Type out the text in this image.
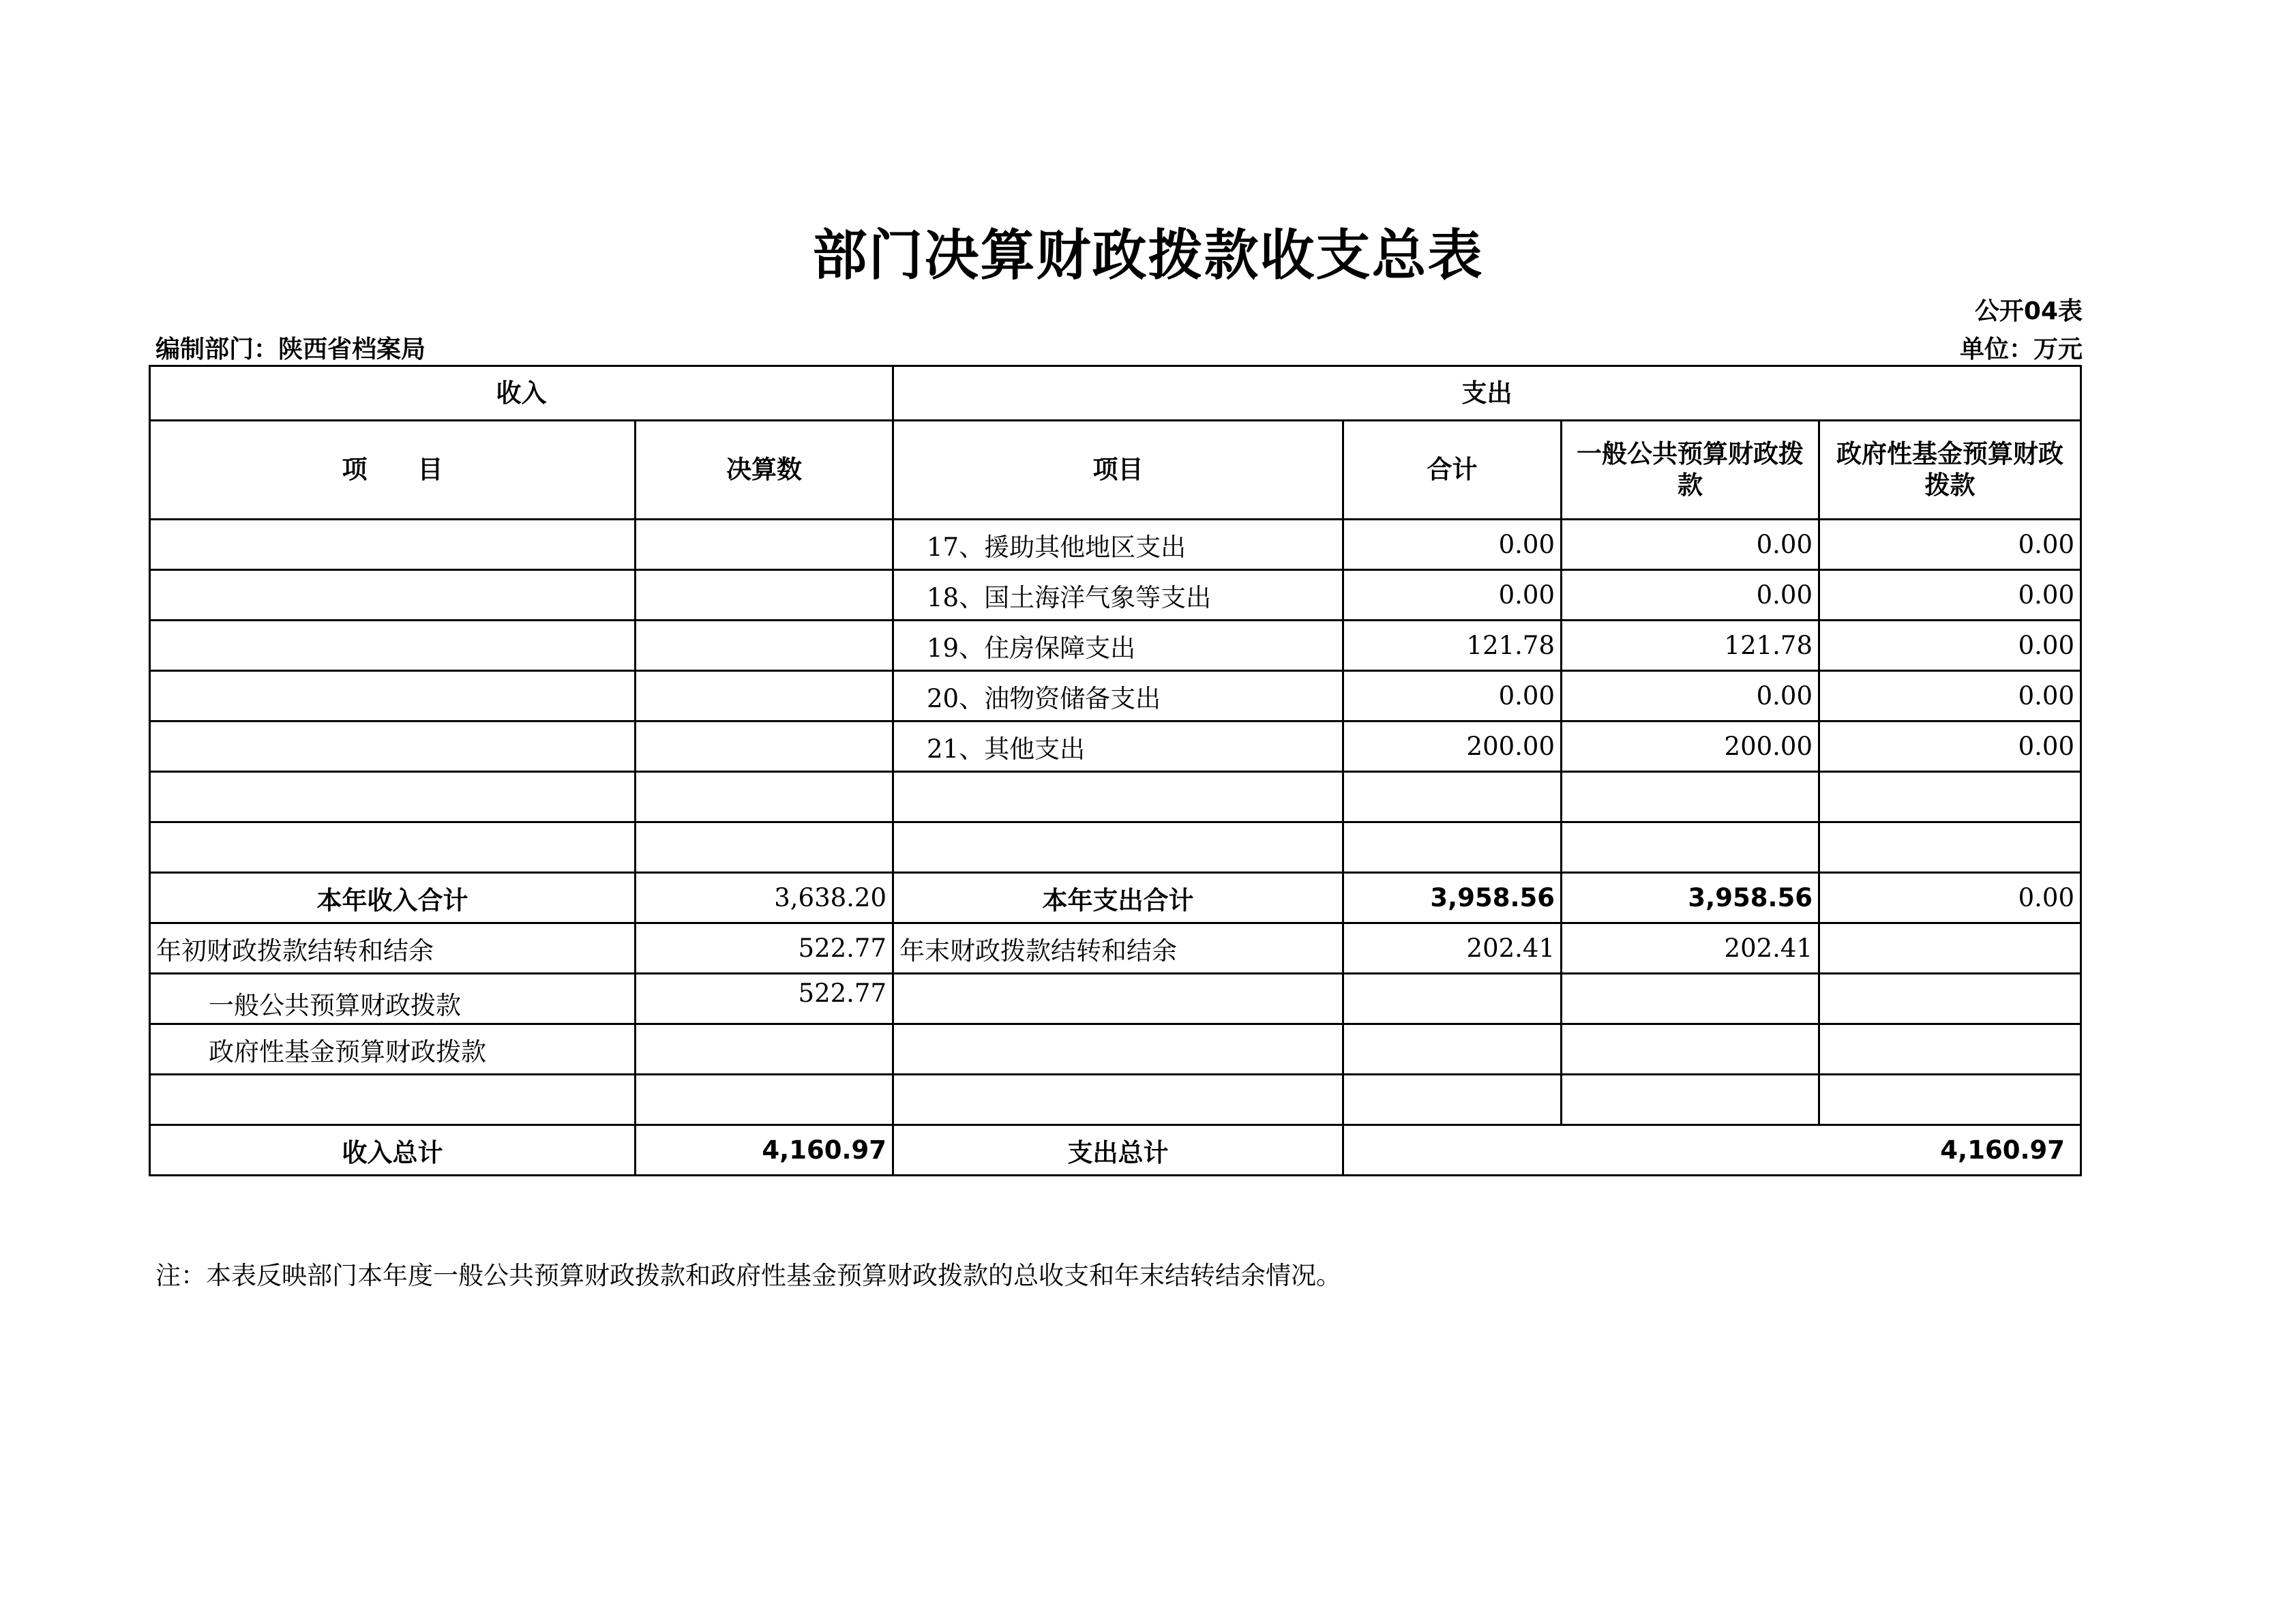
部门决算财政拨款收支总表
公开04表
编制部门：陕西省档案局	单位：万元
收入		支出			
项　　目	决算数	项目	合计	一般公共预算财政拨款	政府性基金预算财政拨款
		17、援助其他地区支出	0.00	0.00	0.00
		18、国土海洋气象等支出	0.00	0.00	0.00
		19、住房保障支出	121.78	121.78	0.00
		20、油物资储备支出	0.00	0.00	0.00
		21、其他支出	200.00	200.00	0.00

本年收入合计	3,638.20	本年支出合计	3,958.56	3,958.56	0.00
年初财政拨款结转和结余	522.77	年末财政拨款结转和结余	202.41	202.41	
一般公共预算财政拨款	522.77				
政府性基金预算财政拨款					

收入总计	4,160.97	支出总计	4,160.97		
注：本表反映部门本年度一般公共预算财政拨款和政府性基金预算财政拨款的总收支和年末结转结余情况。
